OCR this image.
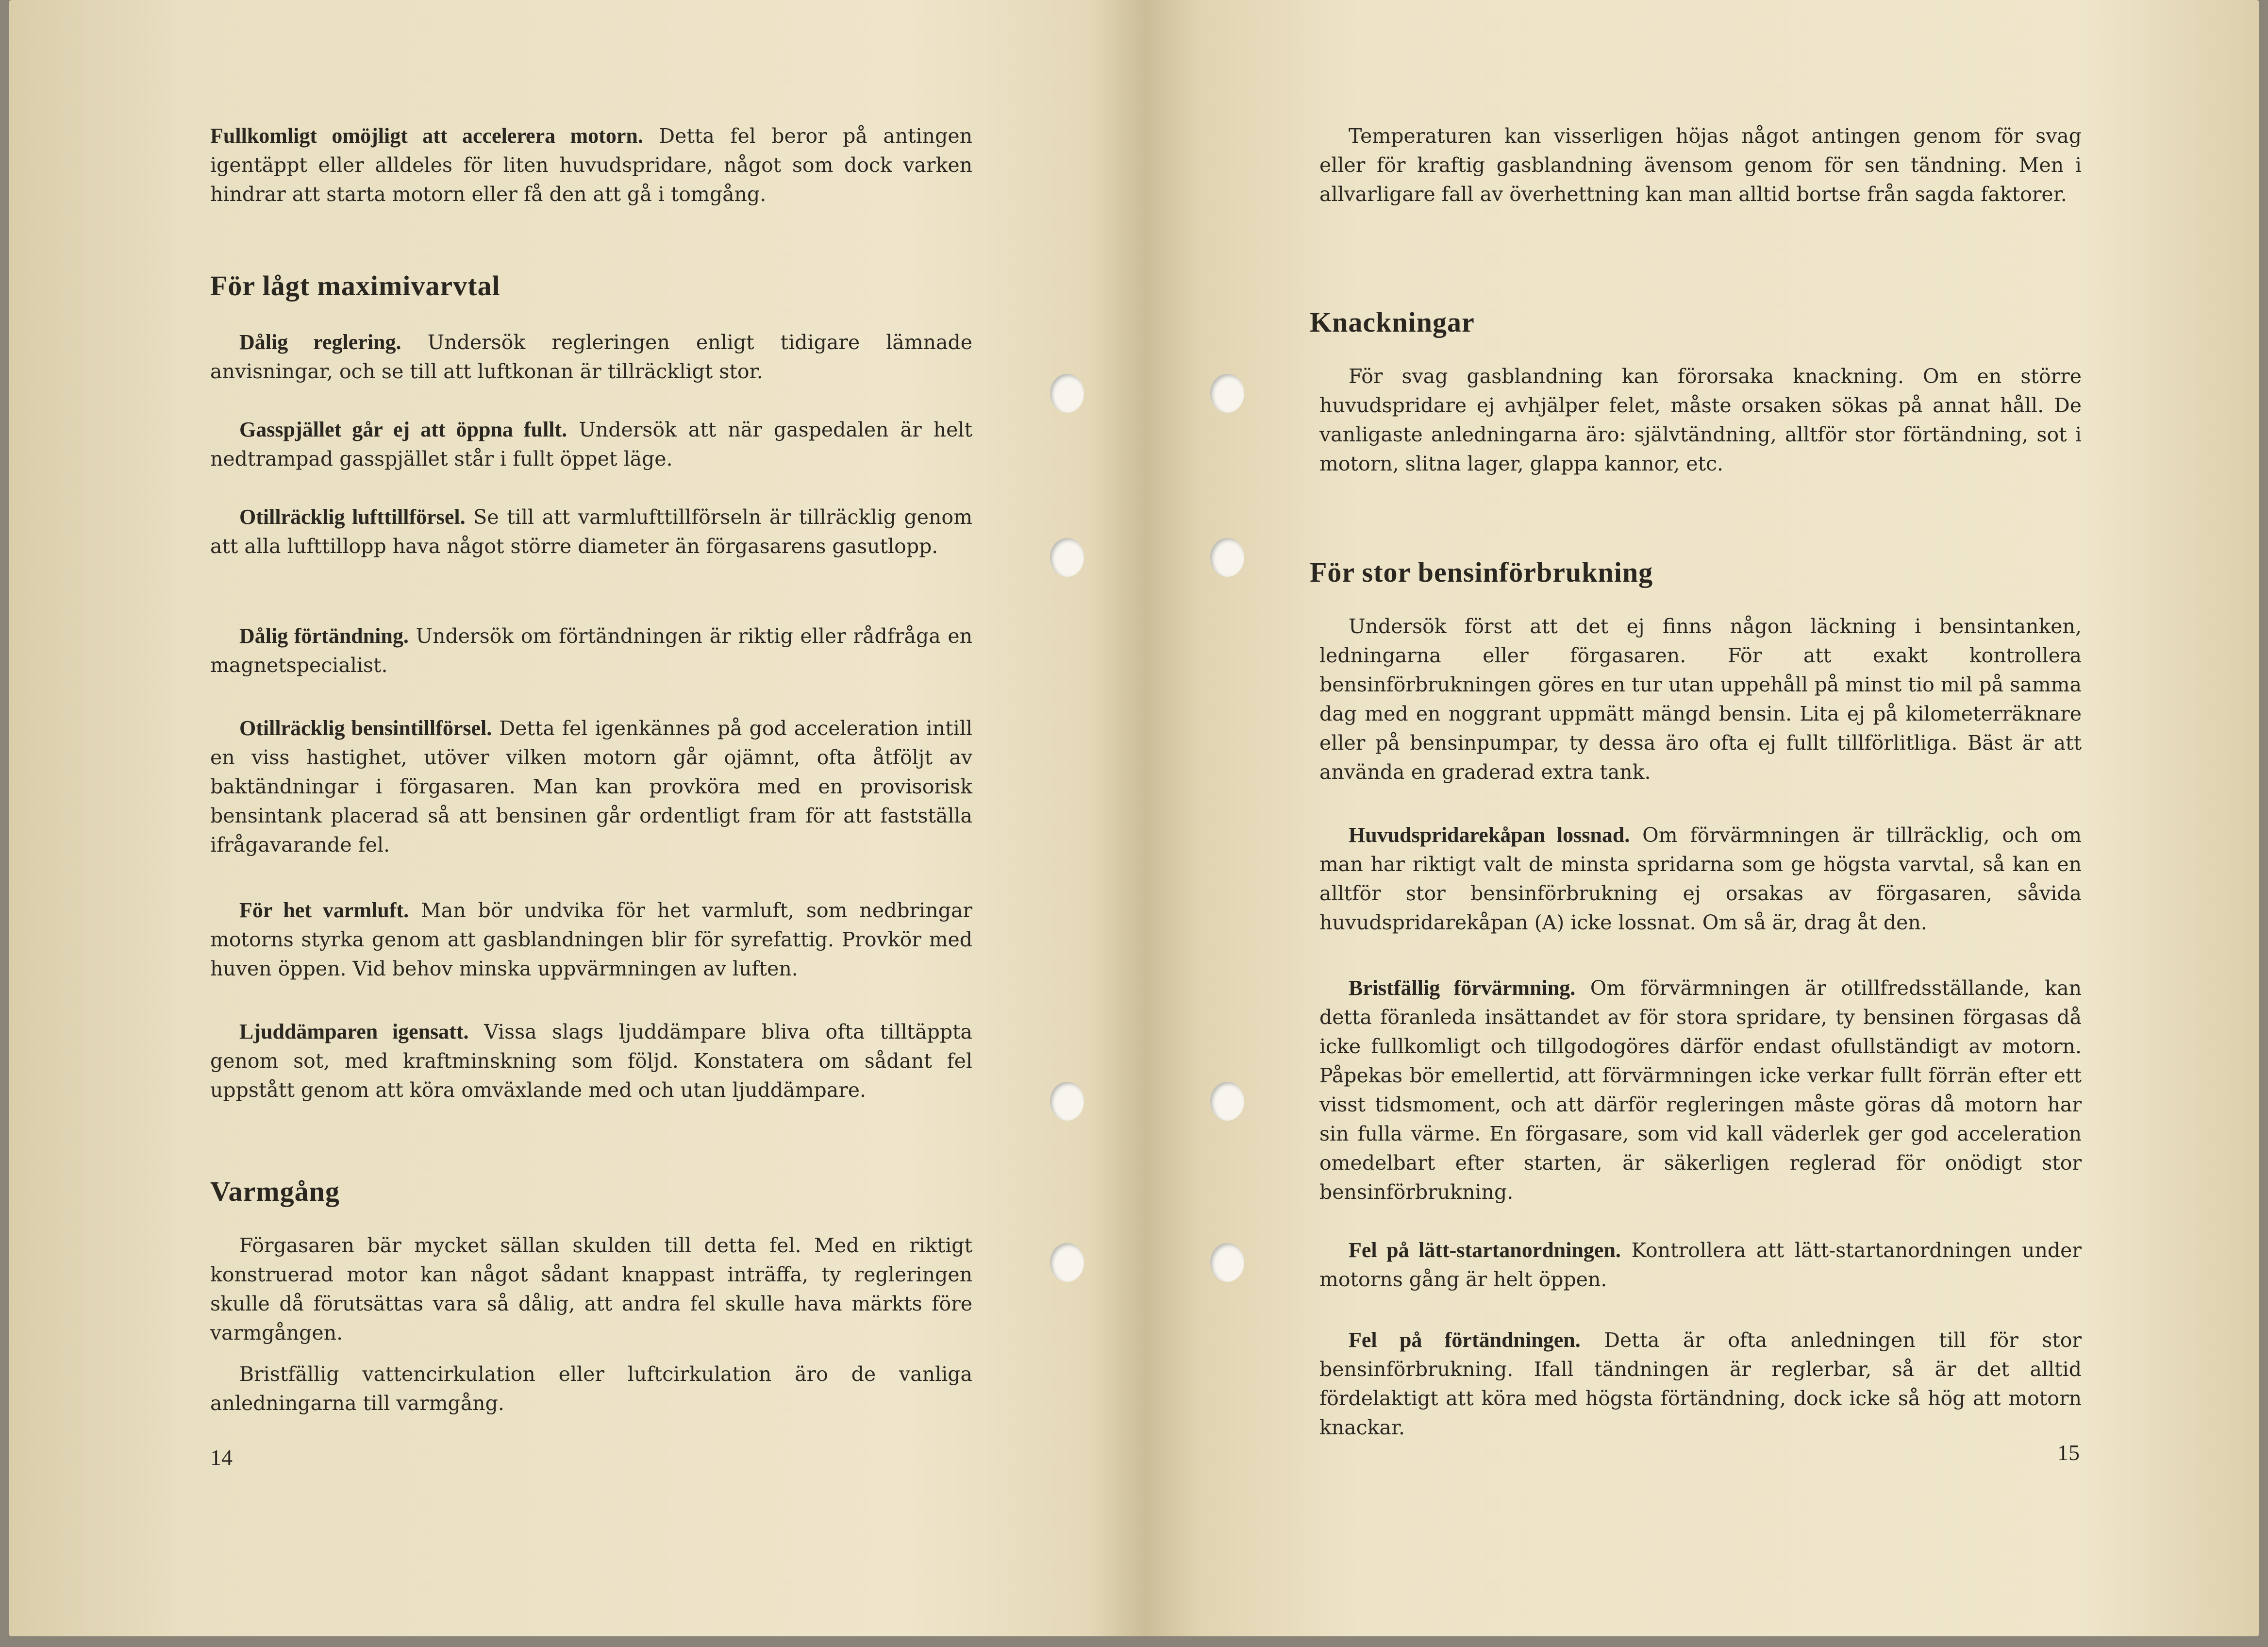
Fullkomligt omöjligt att accelerera motorn. Detta fel beror på antingen igentäppt eller alldeles för liten huvudspridare, något som dock varken hindrar att starta motorn eller få den att gå i tomgång.

För lågt maximivarvtal

Dålig reglering. Undersök regleringen enligt tidigare lämnade anvisningar, och se till att luftkonan är tillräckligt stor.

Gasspjället går ej att öppna fullt. Undersök att när gaspedalen är helt nedtrampad gasspjället står i fullt öppet läge.

Otillräcklig lufttillförsel. Se till att varmlufttillförseln är tillräcklig genom att alla lufttillopp hava något större diameter än förgasarens gasutlopp.

Dålig förtändning. Undersök om förtändningen är riktig eller rådfråga en magnetspecialist.

Otillräcklig bensintillförsel. Detta fel igenkännes på god acceleration intill en viss hastighet, utöver vilken motorn går ojämnt, ofta åtföljt av baktändningar i förgasaren. Man kan provköra med en provisorisk bensintank placerad så att bensinen går ordentligt fram för att fastställa ifrågavarande fel.

För het varmluft. Man bör undvika för het varmluft, som nedbringar motorns styrka genom att gasblandningen blir för syrefattig. Provkör med huven öppen. Vid behov minska uppvärmningen av luften.

Ljuddämparen igensatt. Vissa slags ljuddämpare bliva ofta tilltäppta genom sot, med kraftminskning som följd. Konstatera om sådant fel uppstått genom att köra omväxlande med och utan ljuddämpare.

Varmgång

Förgasaren bär mycket sällan skulden till detta fel. Med en riktigt konstruerad motor kan något sådant knappast inträffa, ty regleringen skulle då förutsättas vara så dålig, att andra fel skulle hava märkts före varmgången.

Bristfällig vattencirkulation eller luftcirkulation äro de vanliga anledningarna till varmgång.

14

Temperaturen kan visserligen höjas något antingen genom för svag eller för kraftig gasblandning ävensom genom för sen tändning. Men i allvarligare fall av överhettning kan man alltid bortse från sagda faktorer.

Knackningar

För svag gasblandning kan förorsaka knackning. Om en större huvudspridare ej avhjälper felet, måste orsaken sökas på annat håll. De vanligaste anledningarna äro: självtändning, alltför stor förtändning, sot i motorn, slitna lager, glappa kannor, etc.

För stor bensinförbrukning

Undersök först att det ej finns någon läckning i bensintanken, ledningarna eller förgasaren. För att exakt kontrollera bensinförbrukningen göres en tur utan uppehåll på minst tio mil på samma dag med en noggrant uppmätt mängd bensin. Lita ej på kilometerräknare eller på bensinpumpar, ty dessa äro ofta ej fullt tillförlitliga. Bäst är att använda en graderad extra tank.

Huvudspridarekåpan lossnad. Om förvärmningen är tillräcklig, och om man har riktigt valt de minsta spridarna som ge högsta varvtal, så kan en alltför stor bensinförbrukning ej orsakas av förgasaren, såvida huvudspridarekåpan (A) icke lossnat. Om så är, drag åt den.

Bristfällig förvärmning. Om förvärmningen är otillfredsställande, kan detta föranleda insättandet av för stora spridare, ty bensinen förgasas då icke fullkomligt och tillgodogöres därför endast ofullständigt av motorn. Påpekas bör emellertid, att förvärmningen icke verkar fullt förrän efter ett visst tidsmoment, och att därför regleringen måste göras då motorn har sin fulla värme. En förgasare, som vid kall väderlek ger god acceleration omedelbart efter starten, är säkerligen reglerad för onödigt stor bensinförbrukning.

Fel på lätt-startanordningen. Kontrollera att lätt-startanordningen under motorns gång är helt öppen.

Fel på förtändningen. Detta är ofta anledningen till för stor bensinförbrukning. Ifall tändningen är reglerbar, så är det alltid fördelaktigt att köra med högsta förtändning, dock icke så hög att motorn knackar.

15
